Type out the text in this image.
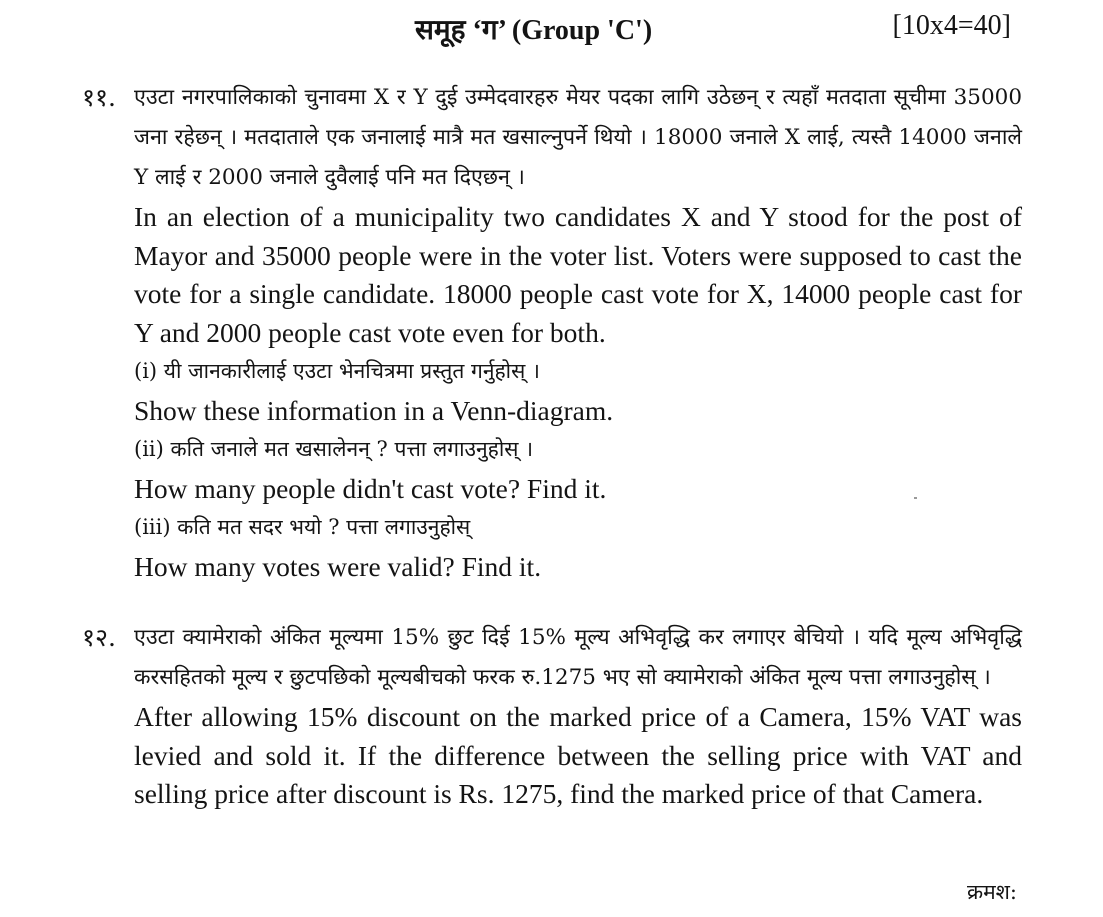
समूह ‘ग’ (Group 'C')	[10x4=40]
११. एउटा नगरपालिकाको चुनावमा X र Y दुई उम्मेदवारहरु मेयर पदका लागि उठेछन् र त्यहाँ मतदाता सूचीमा 35000 जना रहेछन् । मतदाताले एक जनालाई मात्रै मत खसाल्नुपर्ने थियो । 18000 जनाले X लाई, त्यस्तै 14000 जनाले Y लाई र 2000 जनाले दुवैलाई पनि मत दिएछन् ।

In an election of a municipality two candidates X and Y stood for the post of Mayor and 35000 people were in the voter list. Voters were supposed to cast the vote for a single candidate. 18000 people cast vote for X, 14000 people cast for Y and 2000 people cast vote even for both.

(i) यी जानकारीलाई एउटा भेनचित्रमा प्रस्तुत गर्नुहोस् ।

Show these information in a Venn-diagram.

(ii) कति जनाले मत खसालेनन् ? पत्ता लगाउनुहोस् ।

How many people didn't cast vote? Find it.

(iii) कति मत सदर भयो ? पत्ता लगाउनुहोस्

How many votes were valid? Find it.

१२. एउटा क्यामेराको अंकित मूल्यमा 15% छुट दिई 15% मूल्य अभिवृद्धि कर लगाएर बेचियो । यदि मूल्य अभिवृद्धि करसहितको मूल्य र छुटपछिको मूल्यबीचको फरक रु.1275 भए सो क्यामेराको अंकित मूल्य पत्ता लगाउनुहोस् ।

After allowing 15% discount on the marked price of a Camera, 15% VAT was levied and sold it. If the difference between the selling price with VAT and selling price after discount is Rs. 1275, find the marked price of that Camera.

क्रमश:
